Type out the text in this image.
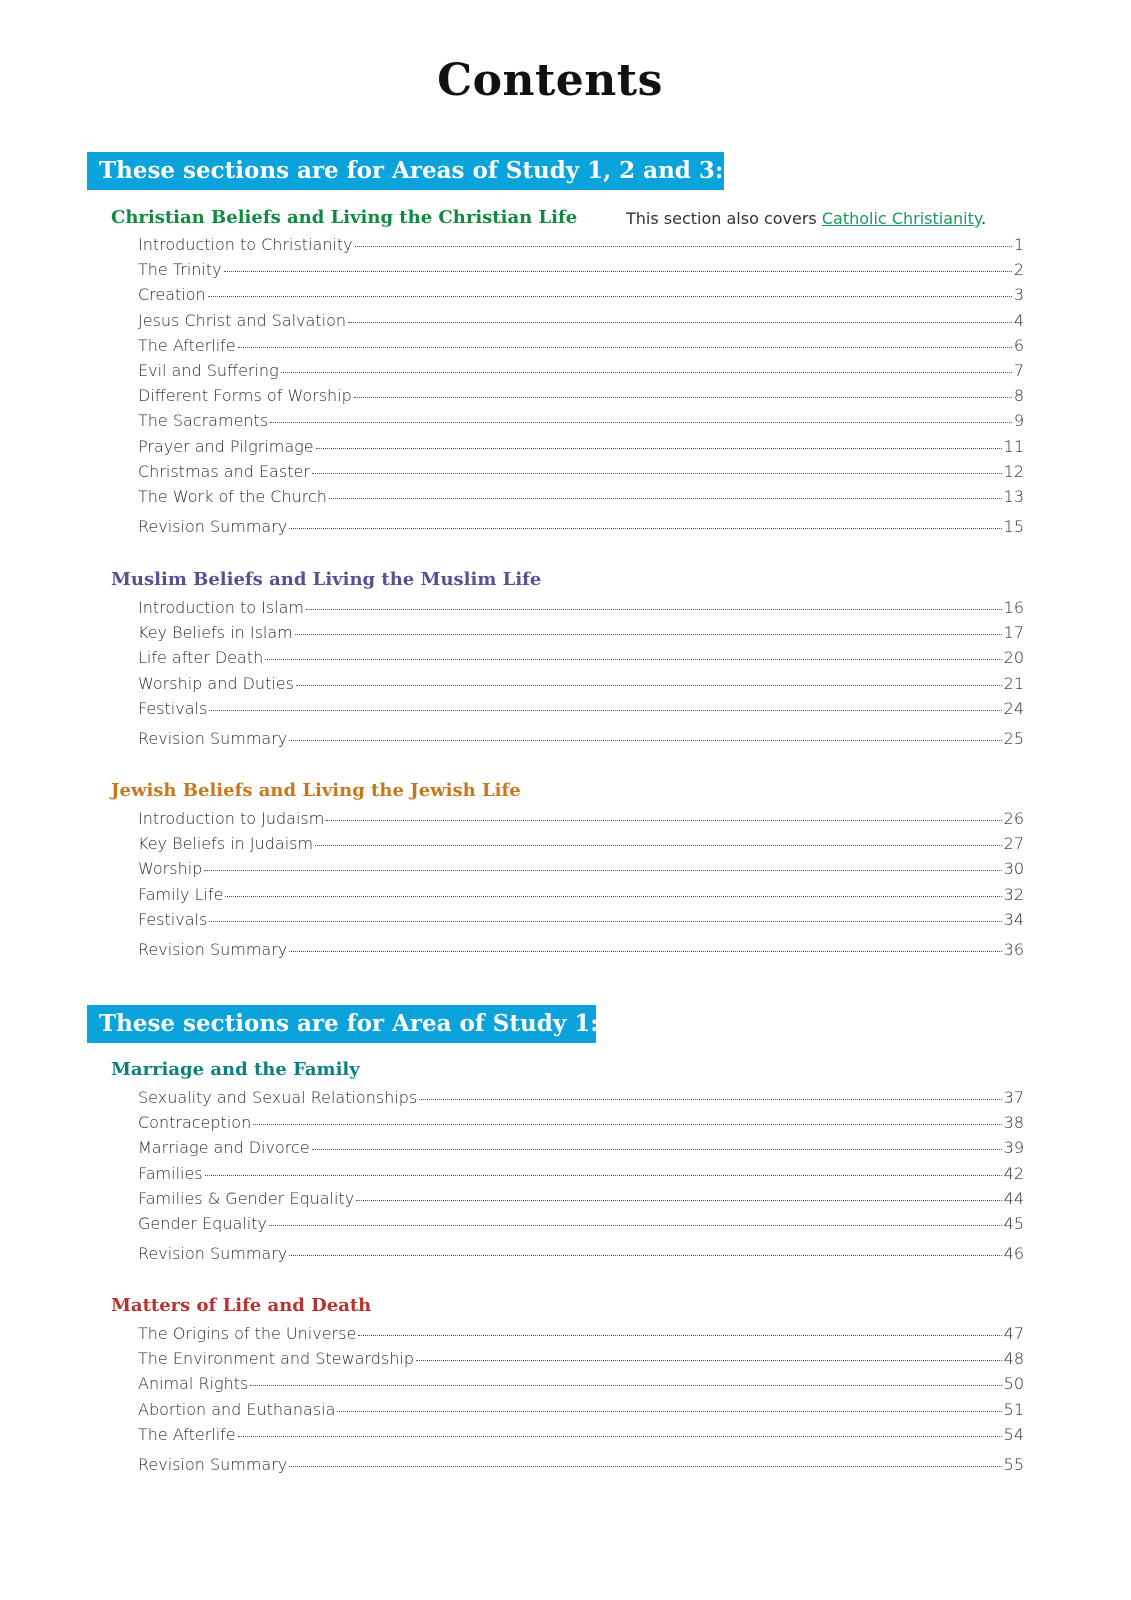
Contents
These sections are for Areas of Study 1, 2 and 3:
Christian Beliefs and Living the Christian Life	This section also covers Catholic Christianity.
Introduction to Christianity	1
The Trinity	2
Creation	3
Jesus Christ and Salvation	4
The Afterlife	6
Evil and Suffering	7
Different Forms of Worship	8
The Sacraments	9
Prayer and Pilgrimage	11
Christmas and Easter	12
The Work of the Church	13
Revision Summary	15
Muslim Beliefs and Living the Muslim Life
Introduction to Islam	16
Key Beliefs in Islam	17
Life after Death	20
Worship and Duties	21
Festivals	24
Revision Summary	25
Jewish Beliefs and Living the Jewish Life
Introduction to Judaism	26
Key Beliefs in Judaism	27
Worship	30
Family Life	32
Festivals	34
Revision Summary	36
These sections are for Area of Study 1:
Marriage and the Family
Sexuality and Sexual Relationships	37
Contraception	38
Marriage and Divorce	39
Families	42
Families & Gender Equality	44
Gender Equality	45
Revision Summary	46
Matters of Life and Death
The Origins of the Universe	47
The Environment and Stewardship	48
Animal Rights	50
Abortion and Euthanasia	51
The Afterlife	54
Revision Summary	55
